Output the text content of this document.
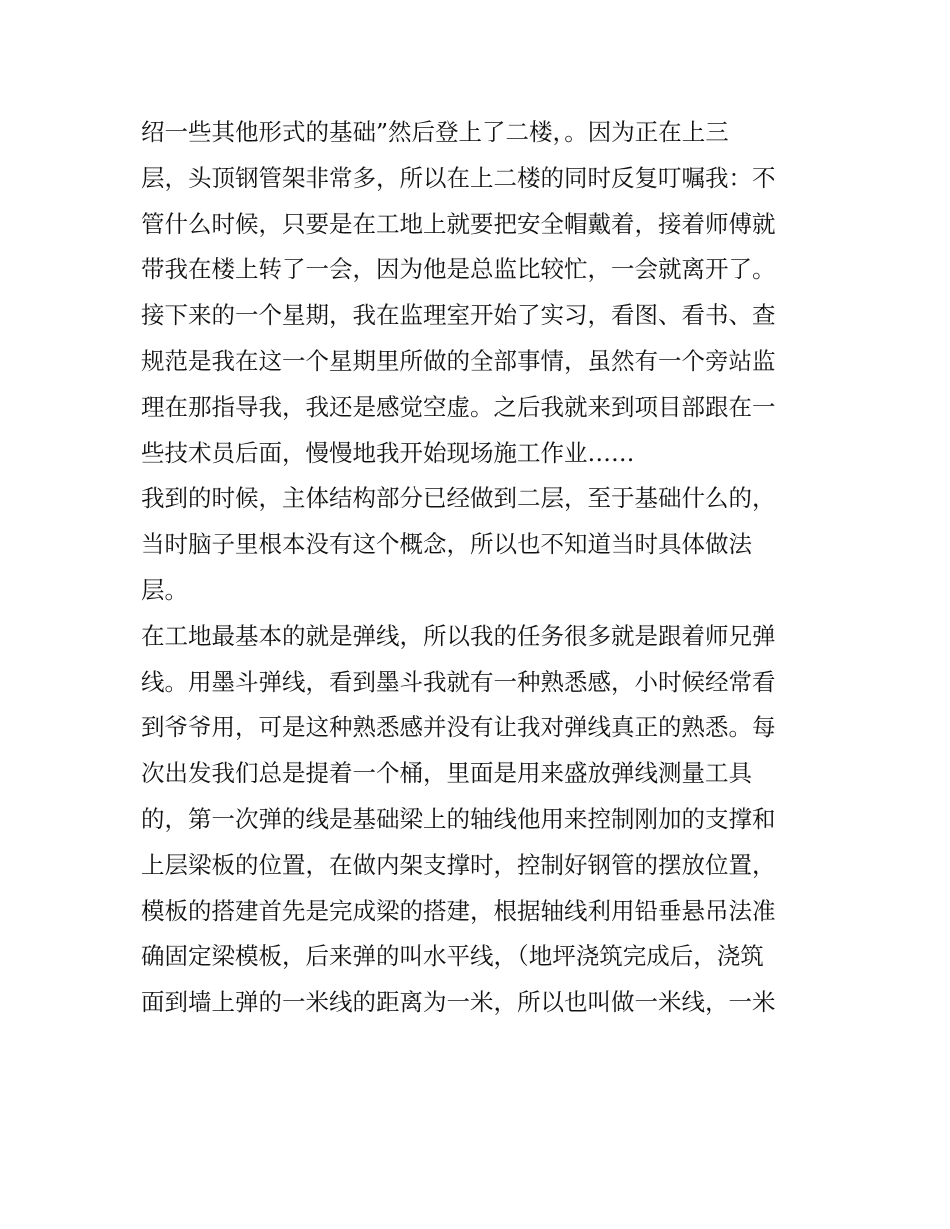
绍一些其他形式的基础”然后登上了二楼，。因为正在上三
层，头顶钢管架非常多，所以在上二楼的同时反复叮嘱我：不
管什么时候，只要是在工地上就要把安全帽戴着，接着师傅就
带我在楼上转了一会，因为他是总监比较忙，一会就离开了。
接下来的一个星期，我在监理室开始了实习，看图、看书、查
规范是我在这一个星期里所做的全部事情，虽然有一个旁站监
理在那指导我，我还是感觉空虚。之后我就来到项目部跟在一
些技术员后面，慢慢地我开始现场施工作业……
我到的时候，主体结构部分已经做到二层，至于基础什么的，
当时脑子里根本没有这个概念，所以也不知道当时具体做法
层。
在工地最基本的就是弹线，所以我的任务很多就是跟着师兄弹
线。用墨斗弹线，看到墨斗我就有一种熟悉感，小时候经常看
到爷爷用，可是这种熟悉感并没有让我对弹线真正的熟悉。每
次出发我们总是提着一个桶，里面是用来盛放弹线测量工具
的，第一次弹的线是基础梁上的轴线他用来控制刚加的支撑和
上层梁板的位置，在做内架支撑时，控制好钢管的摆放位置，
模板的搭建首先是完成梁的搭建，根据轴线利用铅垂悬吊法准
确固定梁模板，后来弹的叫水平线，（地坪浇筑完成后，浇筑
面到墙上弹的一米线的距离为一米，所以也叫做一米线，一米
